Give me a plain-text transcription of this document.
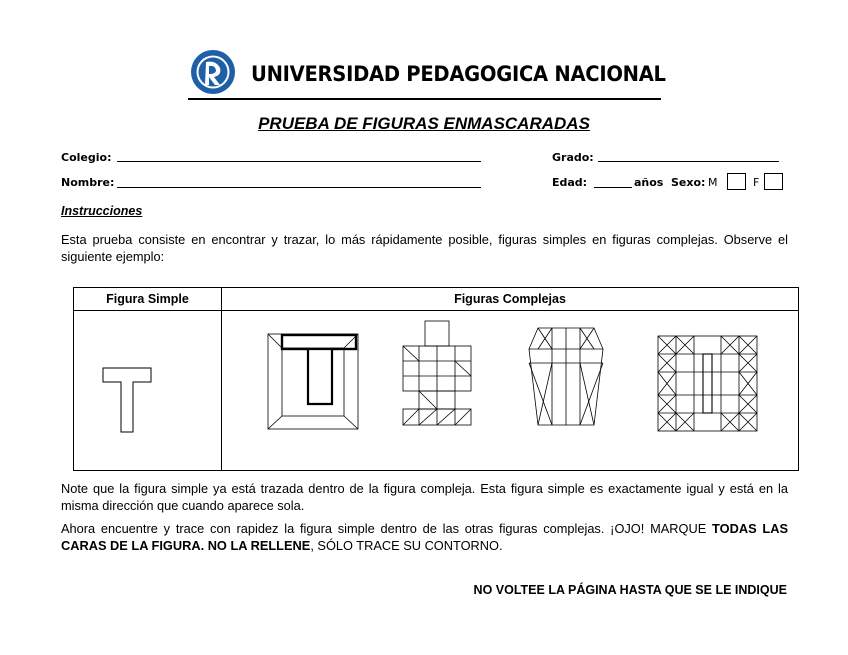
UNIVERSIDAD PEDAGOGICA NACIONAL
PRUEBA DE FIGURAS ENMASCARADAS
Colegio:	Grado:
Nombre:	Edad:	años Sexo: M	F
Instrucciones
Esta prueba consiste en encontrar y trazar, lo más rápidamente posible, figuras simples en figuras complejas. Observe el siguiente ejemplo:
Figura Simple	Figuras Complejas

Note que la figura simple ya está trazada dentro de la figura compleja. Esta figura simple es exactamente igual y está en la misma dirección que cuando aparece sola.
Ahora encuentre y trace con rapidez la figura simple dentro de las otras figuras complejas. ¡OJO! MARQUE TODAS LAS CARAS DE LA FIGURA. NO LA RELLENE, SÓLO TRACE SU CONTORNO.
NO VOLTEE LA PÁGINA HASTA QUE SE LE INDIQUE
